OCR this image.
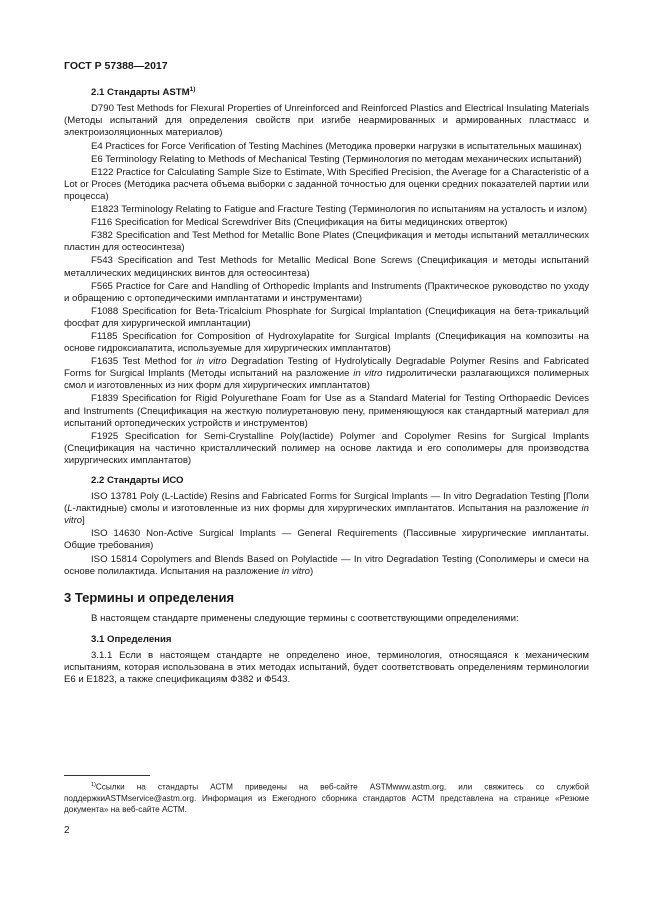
ГОСТ Р 57388—2017

2.1 Стандарты ASTM$^{1)}$

D790 Test Methods for Flexural Properties of Unreinforced and Reinforced Plastics and Electrical Insulating Materials (Методы испытаний для определения свойств при изгибе неармированных и армированных пластмасс и электроизоляционных материалов)

E4 Practices for Force Verification of Testing Machines (Методика проверки нагрузки в испытательных машинах)

E6 Terminology Relating to Methods of Mechanical Testing (Терминология по методам механических испытаний)

E122 Practice for Calculating Sample Size to Estimate, With Specified Precision, the Average for a Characteristic of a Lot or Proces (Методика расчета объема выборки с заданной точностью для оценки средних показателей партии или процесса)

E1823 Terminology Relating to Fatigue and Fracture Testing (Терминология по испытаниям на усталость и излом)

F116 Specification for Medical Screwdriver Bits (Спецификация на биты медицинских отверток)

F382 Specification and Test Method for Metallic Bone Plates (Спецификация и методы испытаний металлических пластин для остеосинтеза)

F543 Specification and Test Methods for Metallic Medical Bone Screws (Спецификация и методы испытаний металлических медицинских винтов для остеосинтеза)

F565 Practice for Care and Handling of Orthopedic Implants and Instruments (Практическое руководство по уходу и обращению с ортопедическими имплантатами и инструментами)

F1088 Specification for Beta-Tricalcium Phosphate for Surgical Implantation (Спецификация на бета-трикальций фосфат для хирургической имплантации)

F1185 Specification for Composition of Hydroxylapatite for Surgical Implants (Спецификация на композиты на основе гидроксиапатита, используемые для хирургических имплантатов)

F1635 Test Method for in vitro Degradation Testing of Hydrolytically Degradable Polymer Resins and Fabricated Forms for Surgical Implants (Методы испытаний на разложение in vitro гидролитически разлагающихся полимерных смол и изготовленных из них форм для хирургических имплантатов)

F1839 Specification for Rigid Polyurethane Foam for Use as a Standard Material for Testing Orthopaedic Devices and Instruments (Спецификация на жесткую полиуретановую пену, применяющуюся как стандартный материал для испытаний ортопедических устройств и инструментов)

F1925 Specification for Semi-Crystalline Poly(lactide) Polymer and Copolymer Resins for Surgical Implants (Спецификация на частично кристаллический полимер на основе лактида и его сополимеры для производства хирургических имплантатов)

2.2 Стандарты ИСО

ISO 13781 Poly (L-Lactide) Resins and Fabricated Forms for Surgical Implants — In vitro Degradation Testing [Поли (L-лактидные) смолы и изготовленные из них формы для хирургических имплантатов. Испытания на разложение in vitro]

ISO 14630 Non-Active Surgical Implants — General Requirements (Пассивные хирургические имплантаты. Общие требования)

ISO 15814 Copolymers and Blends Based on Polylactide — In vitro Degradation Testing (Сополимеры и смеси на основе полилактида. Испытания на разложение in vitro)

3 Термины и определения

В настоящем стандарте применены следующие термины с соответствующими определениями:

3.1 Определения

3.1.1 Если в настоящем стандарте не определено иное, терминология, относящаяся к механическим испытаниям, которая использована в этих методах испытаний, будет соответствовать определениям терминологии Е6 и Е1823, а также спецификациям Ф382 и Ф543.

$^{1)}$Ссылки на стандарты АСТМ приведены на веб-сайте ASTMwww.astm.org, или свяжитесь со службой поддержкиASTMservice@astm.org. Информация из Ежегодного сборника стандартов АСТМ представлена на странице «Резюме документа» на веб-сайте АСТМ.

2
